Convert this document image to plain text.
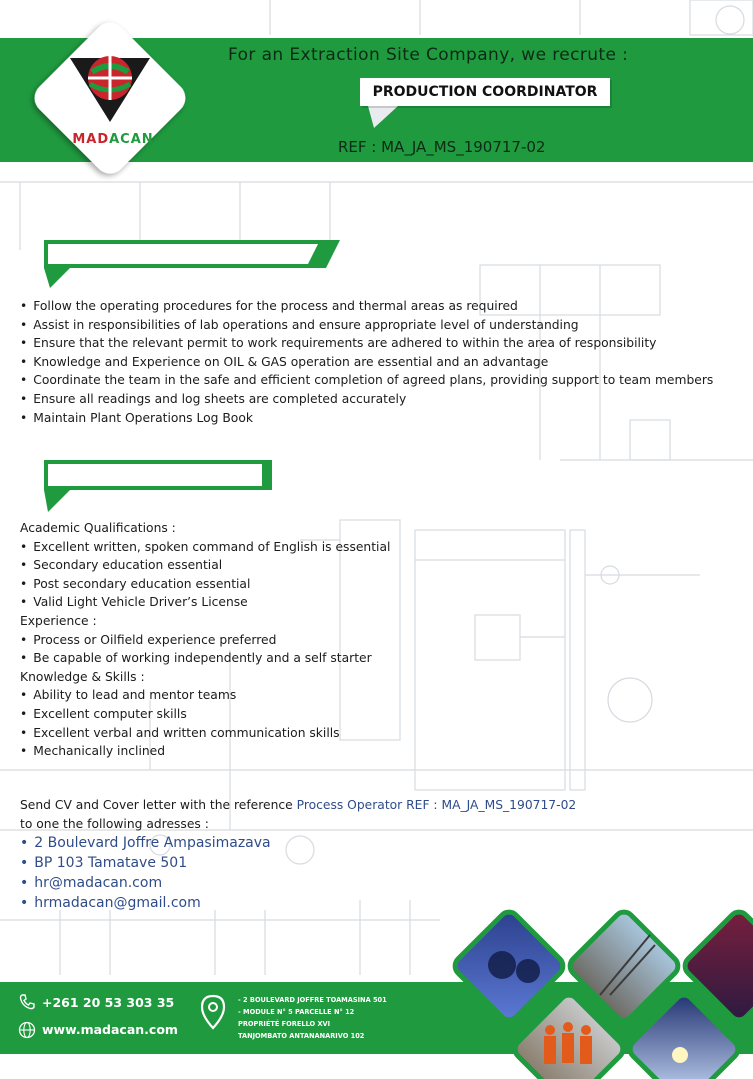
MADACAN
For an Extraction Site Company, we recrute :
PRODUCTION COORDINATOR
REF : MA_JA_MS_190717-02
• Follow the operating procedures for the process and thermal areas as required
• Assist in responsibilities of lab operations and ensure appropriate level of understanding
• Ensure that the relevant permit to work requirements are adhered to within the area of responsibility
• Knowledge and Experience on OIL & GAS operation are essential and an advantage
• Coordinate the team in the safe and efficient completion of agreed plans, providing support to team members
• Ensure all readings and log sheets are completed accurately
• Maintain Plant Operations Log Book
Academic Qualifications :
• Excellent written, spoken command of English is essential
• Secondary education essential
• Post secondary education essential
• Valid Light Vehicle Driver’s License
Experience :
• Process or Oilfield experience preferred
• Be capable of working independently and a self starter
Knowledge & Skills :
• Ability to lead and mentor teams
• Excellent computer skills
• Excellent verbal and written communication skills
• Mechanically inclined
Send CV and Cover letter with the reference Process Operator REF : MA_JA_MS_190717-02
to one the following adresses :
• 2 Boulevard Joffre Ampasimazava
• BP 103 Tamatave 501
• hr@madacan.com
• hrmadacan@gmail.com
+261 20 53 303 35
www.madacan.com
- 2 BOULEVARD JOFFRE TOAMASINA 501
- MODULE N° 5 PARCELLE N° 12
PROPRIÉTÉ FORELLO XVI
TANJOMBATO ANTANANARIVO 102
